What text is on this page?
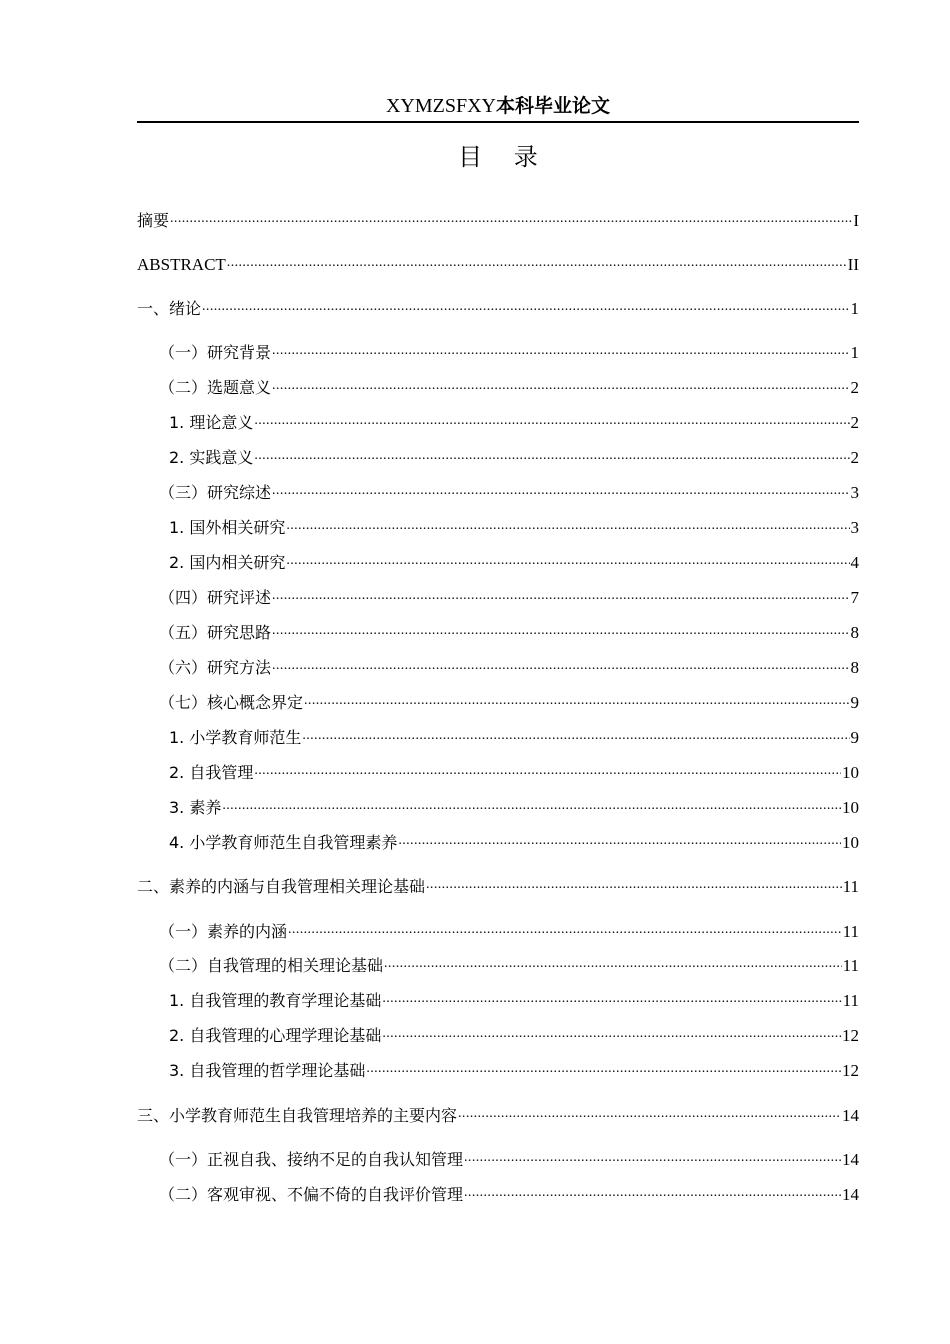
XYMZSFXY本科毕业论文
目 录
摘要 .....	I
ABSTRACT .....	II
一、绪论 .....	1
（一）研究背景 .....	1
（二）选题意义 .....	2
1. 理论意义 .....	2
2. 实践意义 .....	2
（三）研究综述 .....	3
1. 国外相关研究 .....	3
2. 国内相关研究 .....	4
（四）研究评述 .....	7
（五）研究思路 .....	8
（六）研究方法 .....	8
（七）核心概念界定 .....	9
1. 小学教育师范生 .....	9
2. 自我管理 .....	10
3. 素养 .....	10
4. 小学教育师范生自我管理素养 .....	10
二、素养的内涵与自我管理相关理论基础 .....	11
（一）素养的内涵 .....	11
（二）自我管理的相关理论基础 .....	11
1. 自我管理的教育学理论基础 .....	11
2. 自我管理的心理学理论基础 .....	12
3. 自我管理的哲学理论基础 .....	12
三、小学教育师范生自我管理培养的主要内容 .....	14
（一）正视自我、接纳不足的自我认知管理 .....	14
（二）客观审视、不偏不倚的自我评价管理 .....	14
